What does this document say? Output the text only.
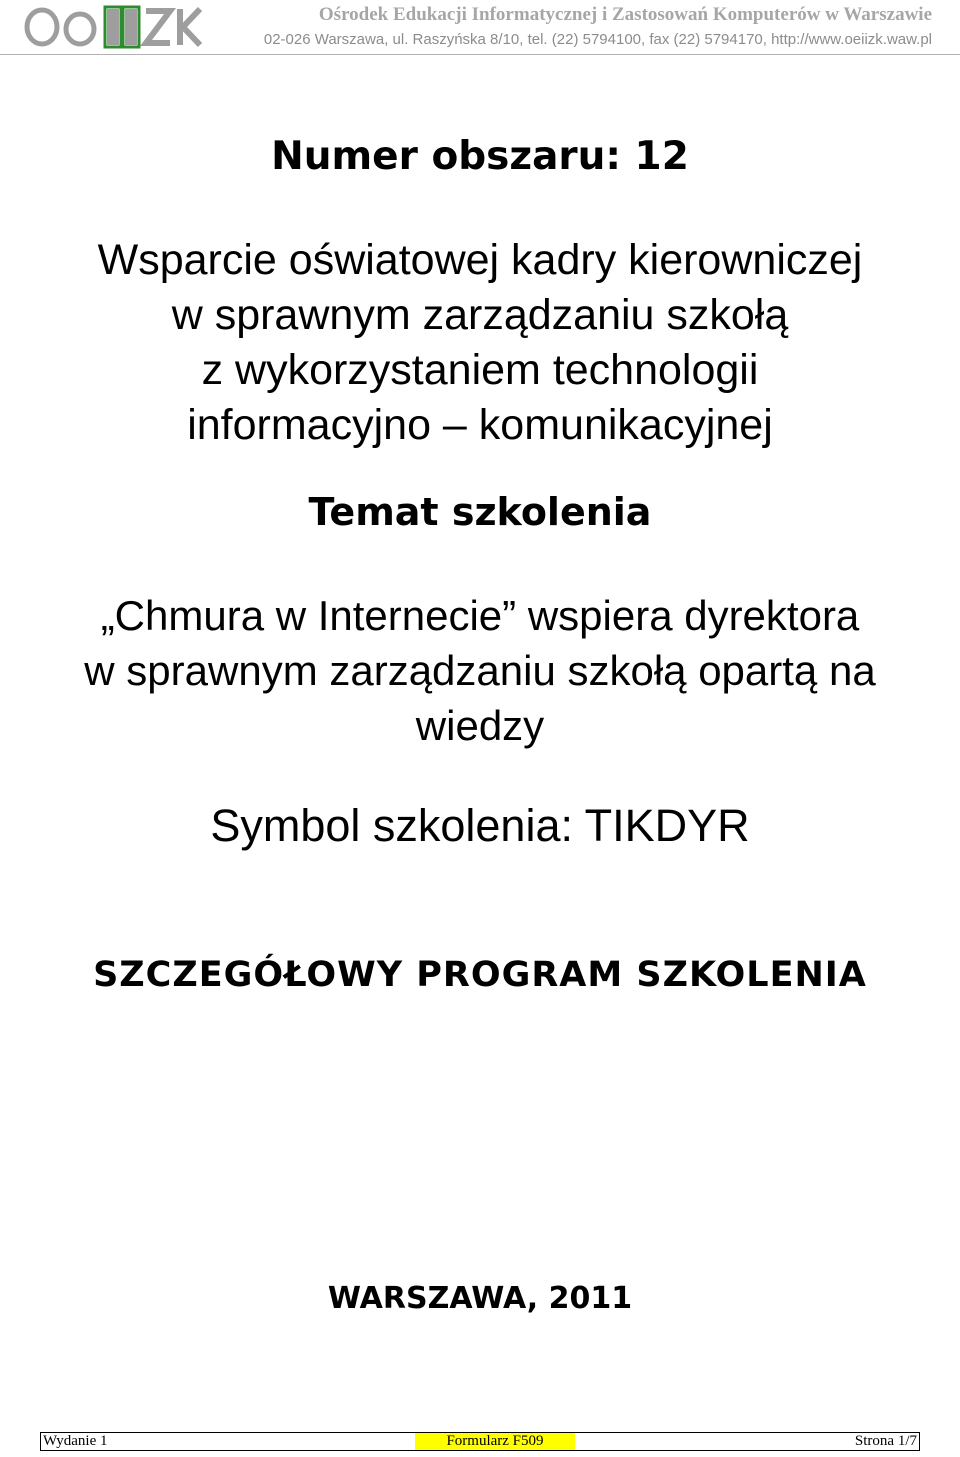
Ośrodek Edukacji Informatycznej i Zastosowań Komputerów w Warszawie
02-026 Warszawa, ul. Raszyńska 8/10, tel. (22) 5794100, fax (22) 5794170, http://www.oeiizk.waw.pl
Numer obszaru: 12
Wsparcie oświatowej kadry kierowniczej
w sprawnym zarządzaniu szkołą
z wykorzystaniem technologii
informacyjno – komunikacyjnej
Temat szkolenia
„Chmura w Internecie” wspiera dyrektora
w sprawnym zarządzaniu szkołą opartą na
wiedzy
Symbol szkolenia: TIKDYR
SZCZEGÓŁOWY PROGRAM SZKOLENIA
WARSZAWA, 2011
Wydanie 1	Formularz F509	Strona 1/7
